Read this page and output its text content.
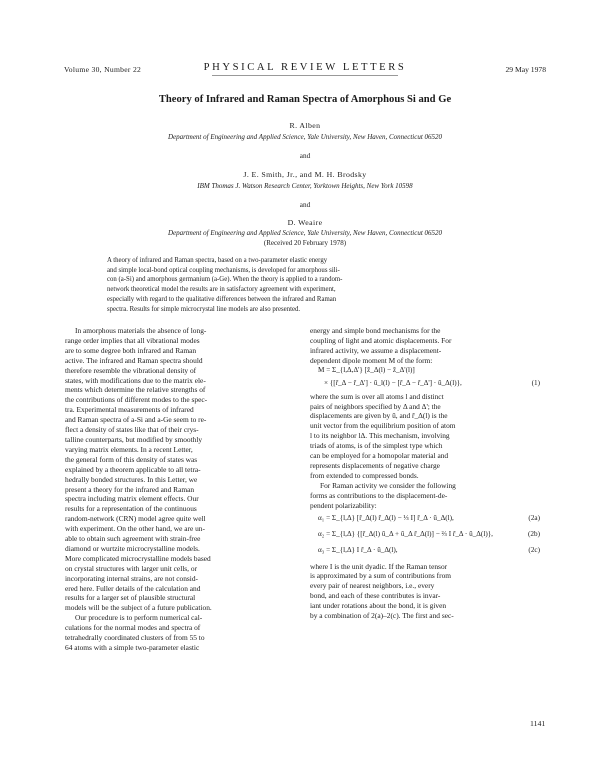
Volume 30, Number 22	PHYSICAL REVIEW LETTERS	29 May 1978
Theory of Infrared and Raman Spectra of Amorphous Si and Ge
R. Alben
Department of Engineering and Applied Science, Yale University, New Haven, Connecticut 06520
and
J. E. Smith, Jr., and M. H. Brodsky
IBM Thomas J. Watson Research Center, Yorktown Heights, New York 10598
and
D. Weaire
Department of Engineering and Applied Science, Yale University, New Haven, Connecticut 06520
(Received 20 February 1978)
A theory of infrared and Raman spectra, based on a two-parameter elastic energy
and simple local-bond optical coupling mechanisms, is developed for amorphous sili-
con (a-Si) and amorphous germanium (a-Ge). When the theory is applied to a random-
network theoretical model the results are in satisfactory agreement with experiment,
especially with regard to the qualitative differences between the infrared and Raman
spectra. Results for simple microcrystal line models are also presented.
In amorphous materials the absence of long-
range order implies that all vibrational modes
are to some degree both infrared and Raman
active. The infrared and Raman spectra should
therefore resemble the vibrational density of
states, with modifications due to the matrix ele-
ments which determine the relative strengths of
the contributions of different modes to the spec-
tra. Experimental measurements of infrared
and Raman spectra of a-Si and a-Ge seem to re-
flect a density of states like that of their crys-
talline counterparts, but modified by smoothly
varying matrix elements. In a recent Letter,
the general form of this density of states was
explained by a theorem applicable to all tetra-
hedrally bonded structures. In this Letter, we
present a theory for the infrared and Raman
spectra including matrix element effects. Our
results for a representation of the continuous
random-network (CRN) model agree quite well
with experiment. On the other hand, we are un-
able to obtain such agreement with strain-free
diamond or wurtzite microcrystalline models.
More complicated microcrystalline models based
on crystal structures with larger unit cells, or
incorporating internal strains, are not consid-
ered here. Fuller details of the calculation and
results for a larger set of plausible structural
models will be the subject of a future publication.
Our procedure is to perform numerical cal-
culations for the normal modes and spectra of
tetrahedrally coordinated clusters of from 55 to
64 atoms with a simple two-parameter elastic
energy and simple bond mechanisms for the
coupling of light and atomic displacements. For
infrared activity, we assume a displacement-
dependent dipole moment M of the form:
M = Σ_{l,Δ,Δ'} [ẑ_Δ(l) − ẑ_Δ'(l)]
× {[r̂_Δ − r̂_Δ'] · ū_l(l) − [r̂_Δ − r̂_Δ'] · ū_Δ(l)},	(1)
where the sum is over all atoms l and distinct
pairs of neighbors specified by Δ and Δ'; the
displacements are given by ū, and r̂_Δ(l) is the
unit vector from the equilibrium position of atom
l to its neighbor lΔ. This mechanism, involving
triads of atoms, is of the simplest type which
can be employed for a homopolar material and
represents displacements of negative charge
from extended to compressed bonds.
For Raman activity we consider the following
forms as contributions to the displacement-de-
pendent polarizability:
α₁ = Σ_{l,Δ} [r̂_Δ(l) r̂_Δ(l) − ⅓ I] r̂_Δ · ū_Δ(l),	(2a)
α₂ = Σ_{l,Δ} {[r̂_Δ(l) ū_Δ + ū_Δ r̂_Δ(l)] − ⅔ I r̂_Δ · ū_Δ(l)},	(2b)
α₃ = Σ_{l,Δ} I r̂_Δ · ū_Δ(l),	(2c)
where I is the unit dyadic. If the Raman tensor
is approximated by a sum of contributions from
every pair of nearest neighbors, i.e., every
bond, and each of these contributes is invar-
iant under rotations about the bond, it is given
by a combination of 2(a)–2(c). The first and sec-
1141
